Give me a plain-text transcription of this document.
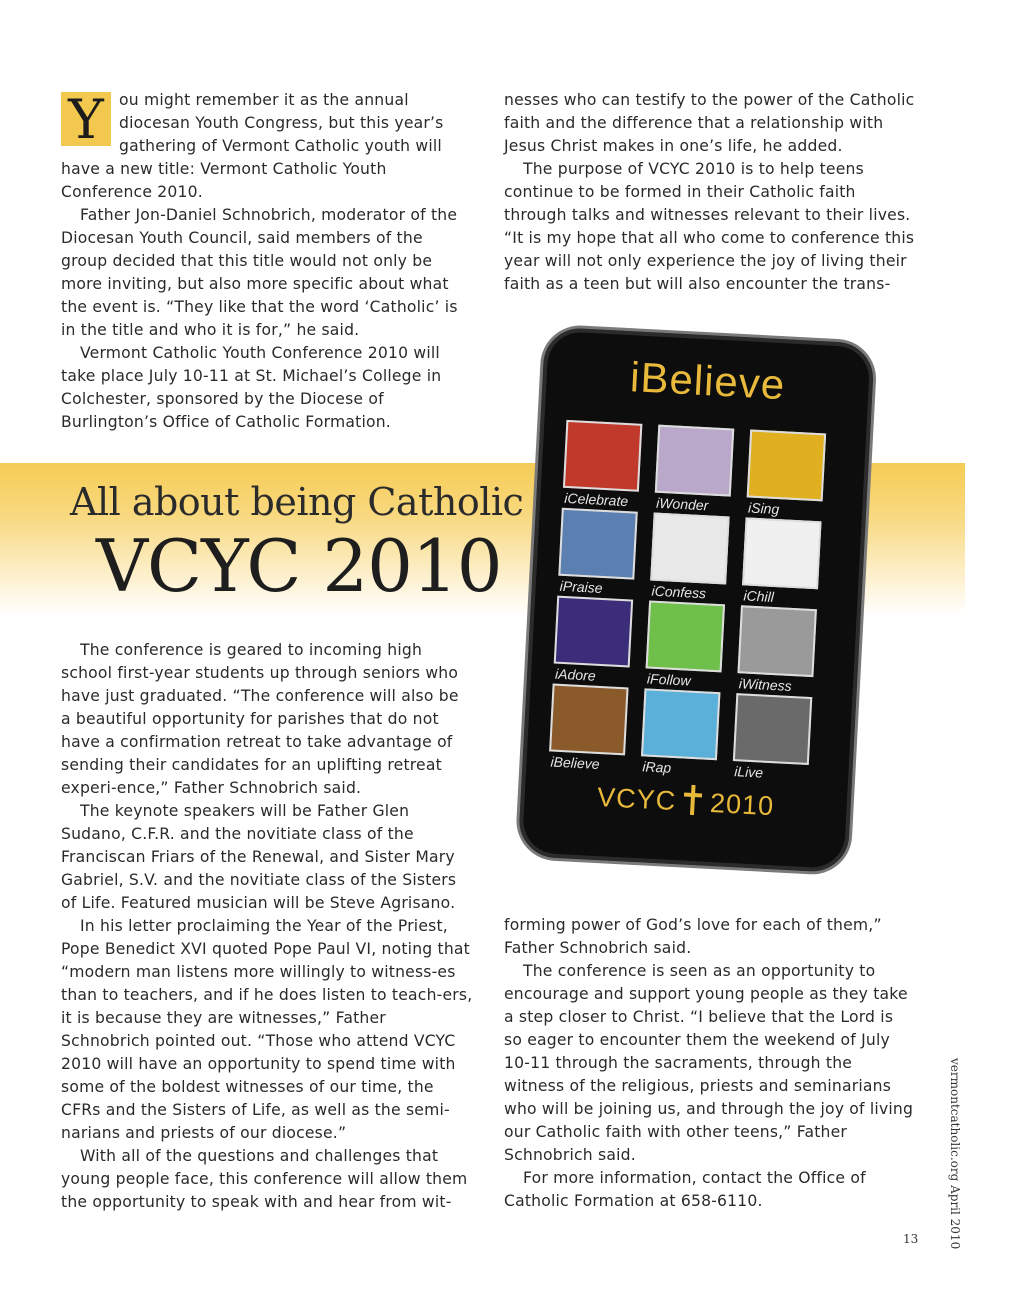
Y ou might remember it as the annual diocesan Youth Congress, but this year’s gathering of Vermont Catholic youth will have a new title: Vermont Catholic Youth Conference 2010.

Father Jon-Daniel Schnobrich, moderator of the Diocesan Youth Council, said members of the group decided that this title would not only be more inviting, but also more specific about what the event is. “They like that the word ‘Catholic’ is in the title and who it is for,” he said.

Vermont Catholic Youth Conference 2010 will take place July 10-11 at St. Michael’s College in Colchester, sponsored by the Diocese of Burlington’s Office of Catholic Formation.

nesses who can testify to the power of the Catholic faith and the difference that a relationship with Jesus Christ makes in one’s life, he added.

The purpose of VCYC 2010 is to help teens continue to be formed in their Catholic faith through talks and witnesses relevant to their lives. “It is my hope that all who come to conference this year will not only experience the joy of living their faith as a teen but will also encounter the trans-

All about being Catholic
VCYC 2010

The conference is geared to incoming high school first-year students up through seniors who have just graduated. “The conference will also be a beautiful opportunity for parishes that do not have a confirmation retreat to take advantage of sending their candidates for an uplifting retreat experi-ence,” Father Schnobrich said.

The keynote speakers will be Father Glen Sudano, C.F.R. and the novitiate class of the Franciscan Friars of the Renewal, and Sister Mary Gabriel, S.V. and the novitiate class of the Sisters of Life. Featured musician will be Steve Agrisano.

In his letter proclaiming the Year of the Priest, Pope Benedict XVI quoted Pope Paul VI, noting that “modern man listens more willingly to witness-es than to teachers, and if he does listen to teach-ers, it is because they are witnesses,” Father Schnobrich pointed out. “Those who attend VCYC 2010 will have an opportunity to spend time with some of the boldest witnesses of our time, the CFRs and the Sisters of Life, as well as the semi-narians and priests of our diocese.”

With all of the questions and challenges that young people face, this conference will allow them the opportunity to speak with and hear from wit-

forming power of God’s love for each of them,” Father Schnobrich said.

The conference is seen as an opportunity to encourage and support young people as they take a step closer to Christ. “I believe that the Lord is so eager to encounter them the weekend of July 10-11 through the sacraments, through the witness of the religious, priests and seminarians who will be joining us, and through the joy of living our Catholic faith with other teens,” Father Schnobrich said.

For more information, contact the Office of Catholic Formation at 658-6110.

iBelieve
iCelebrate	iWonder	iSing
iPraise	iConfess	iChill
iAdore	iFollow	iWitness
iBelieve	iRap	iLive
VCYC 2010
vermontcatholic.org April 2010
13
